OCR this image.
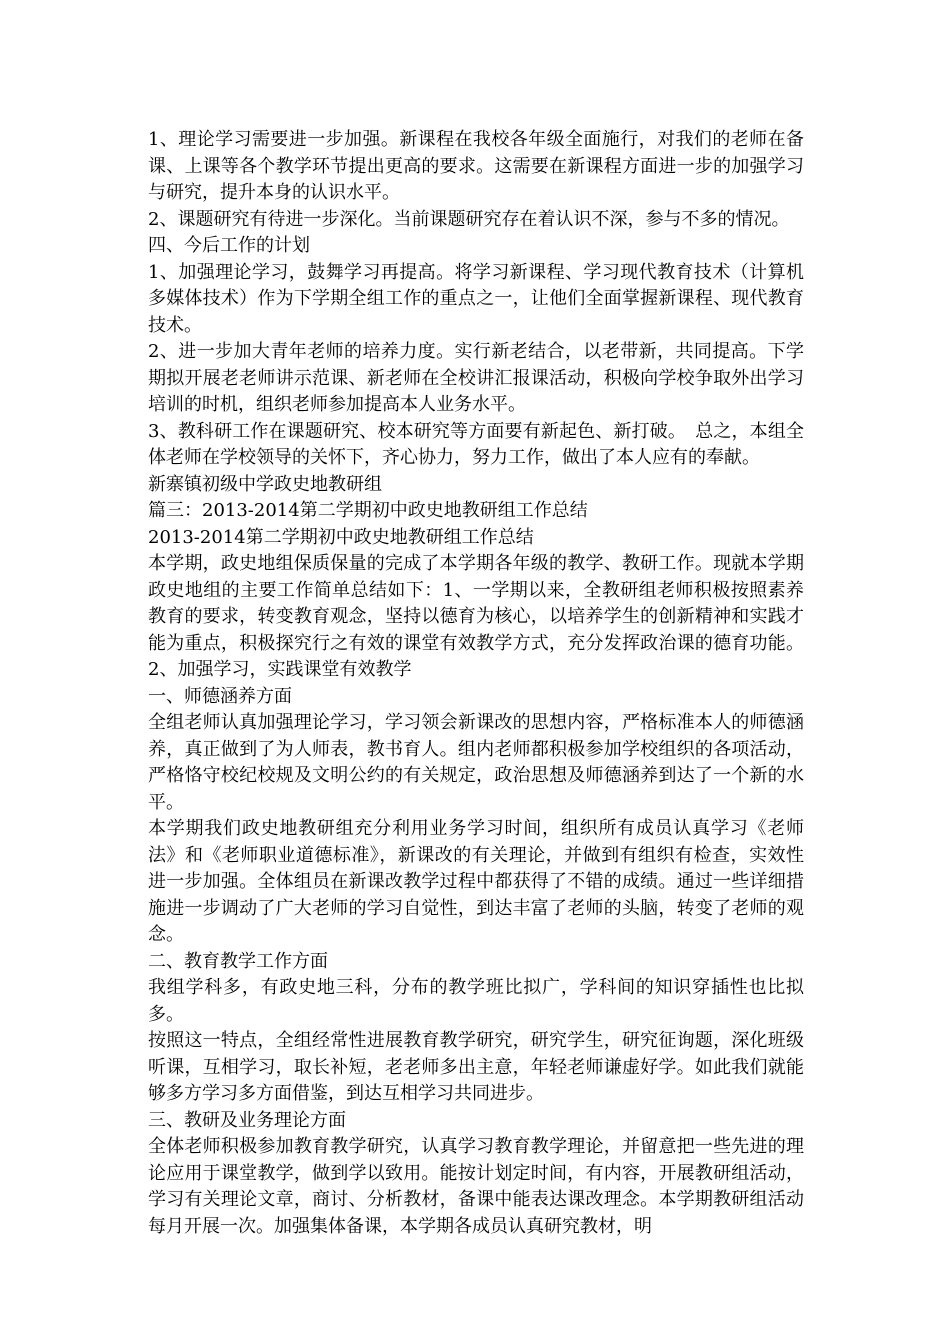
1、理论学习需要进一步加强。新课程在我校各年级全面施行，对我们的老师在备课、上课等各个教学环节提出更高的要求。这需要在新课程方面进一步的加强学习与研究，提升本身的认识水平。

2、课题研究有待进一步深化。当前课题研究存在着认识不深，参与不多的情况。

四、今后工作的计划

1、加强理论学习，鼓舞学习再提高。将学习新课程、学习现代教育技术（计算机多媒体技术）作为下学期全组工作的重点之一，让他们全面掌握新课程、现代教育技术。

2、进一步加大青年老师的培养力度。实行新老结合，以老带新，共同提高。下学期拟开展老老师讲示范课、新老师在全校讲汇报课活动，积极向学校争取外出学习培训的时机，组织老师参加提高本人业务水平。

3、教科研工作在课题研究、校本研究等方面要有新起色、新打破。　总之，本组全体老师在学校领导的关怀下，齐心协力，努力工作，做出了本人应有的奉献。

新寨镇初级中学政史地教研组

篇三：2013-2014第二学期初中政史地教研组工作总结

2013-2014第二学期初中政史地教研组工作总结

本学期，政史地组保质保量的完成了本学期各年级的教学、教研工作。现就本学期政史地组的主要工作简单总结如下：1、一学期以来，全教研组老师积极按照素养教育的要求，转变教育观念，坚持以德育为核心，以培养学生的创新精神和实践才能为重点，积极探究行之有效的课堂有效教学方式，充分发挥政治课的德育功能。2、加强学习，实践课堂有效教学

一、师德涵养方面

全组老师认真加强理论学习，学习领会新课改的思想内容，严格标准本人的师德涵养，真正做到了为人师表，教书育人。组内老师都积极参加学校组织的各项活动，严格恪守校纪校规及文明公约的有关规定，政治思想及师德涵养到达了一个新的水平。

本学期我们政史地教研组充分利用业务学习时间，组织所有成员认真学习《老师法》和《老师职业道德标准》，新课改的有关理论，并做到有组织有检查，实效性进一步加强。全体组员在新课改教学过程中都获得了不错的成绩。通过一些详细措施进一步调动了广大老师的学习自觉性，到达丰富了老师的头脑，转变了老师的观念。

二、教育教学工作方面

我组学科多，有政史地三科，分布的教学班比拟广，学科间的知识穿插性也比拟多。

按照这一特点，全组经常性进展教育教学研究，研究学生，研究征询题，深化班级听课，互相学习，取长补短，老老师多出主意，年轻老师谦虚好学。如此我们就能够多方学习多方面借鉴，到达互相学习共同进步。

三、教研及业务理论方面

全体老师积极参加教育教学研究，认真学习教育教学理论，并留意把一些先进的理论应用于课堂教学，做到学以致用。能按计划定时间，有内容，开展教研组活动，学习有关理论文章，商讨、分析教材，备课中能表达课改理念。本学期教研组活动每月开展一次。加强集体备课，本学期各成员认真研究教材，明
